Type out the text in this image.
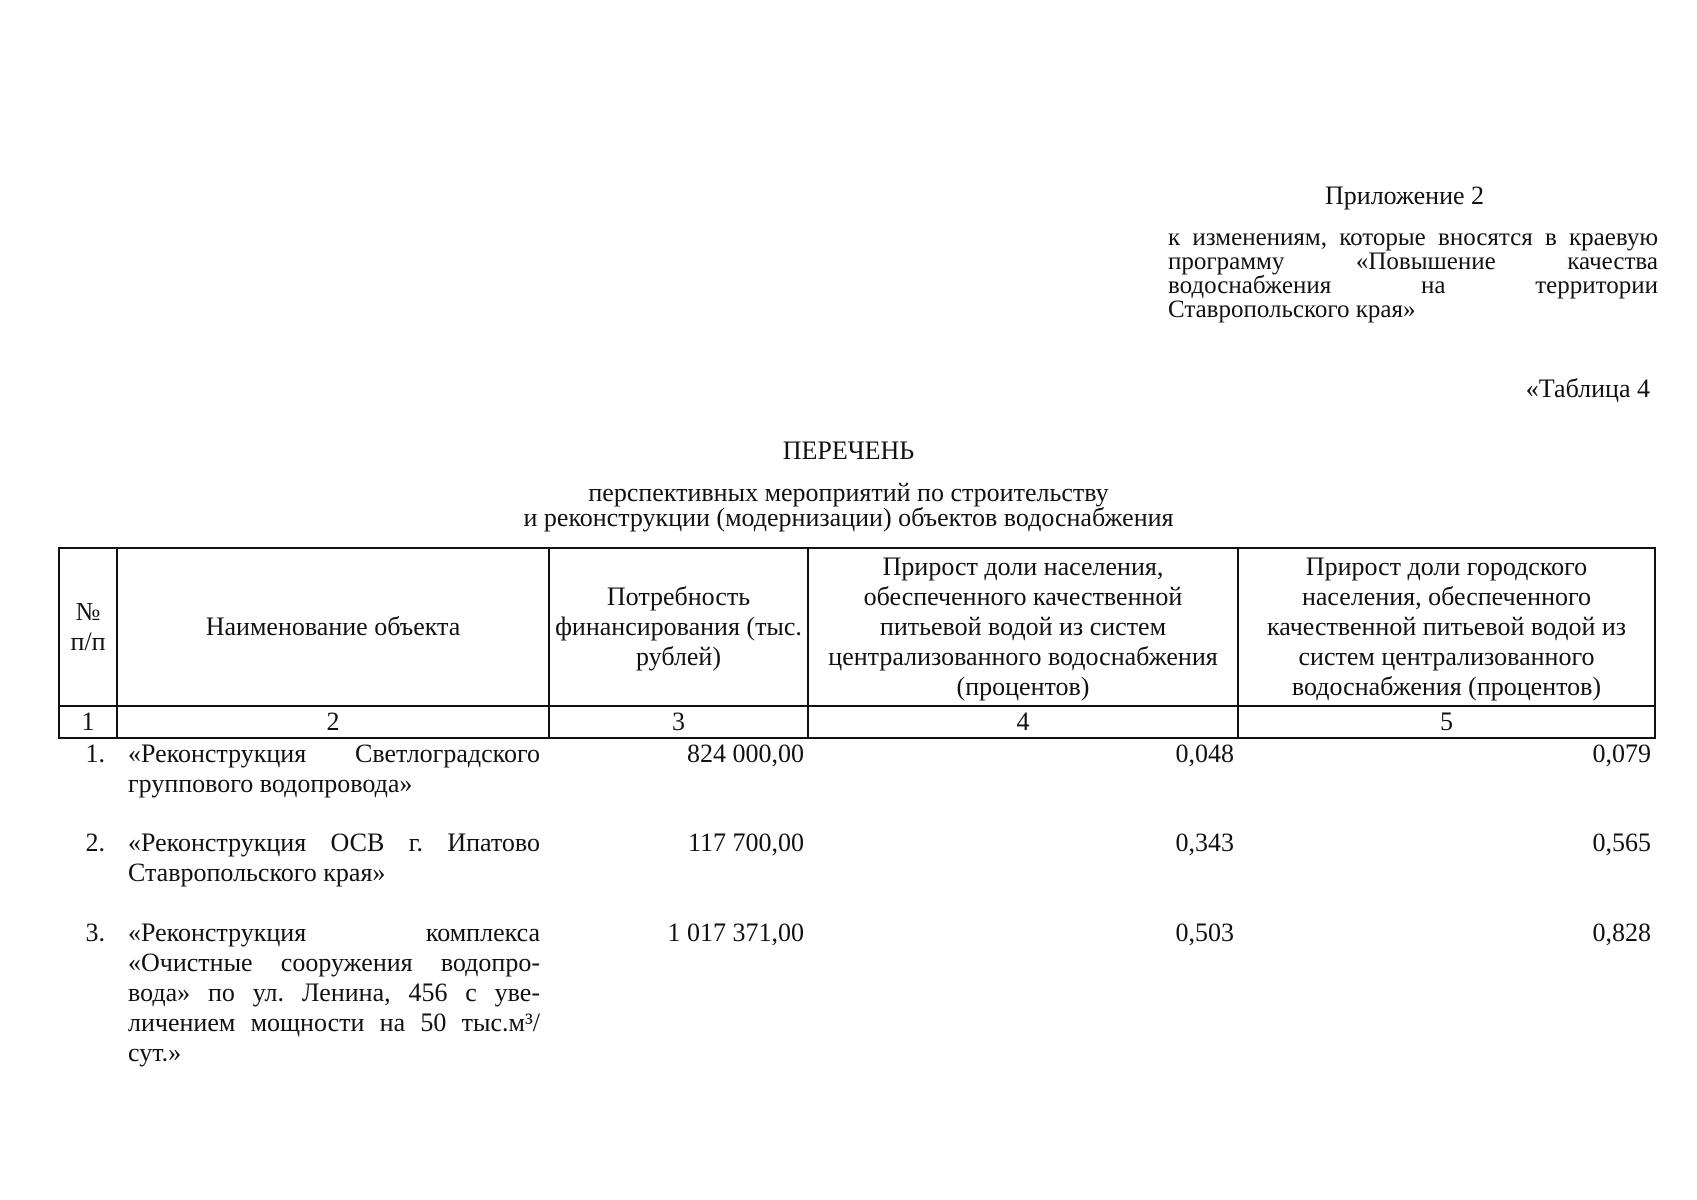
Приложение 2
к изменениям, которые вносятся в краевую программу «Повышение качества водоснабжения на территории Ставропольского края»
«Таблица 4
ПЕРЕЧЕНЬ
перспективных мероприятий по строительству
и реконструкции (модернизации) объектов водоснабжения
№ п/п	Наименование объекта	Потребность финансирования (тыс. рублей)	Прирост доли населения, обеспеченного качественной питьевой водой из систем централизованного водоснабжения (процентов)	Прирост доли городского населения, обеспеченного качественной питьевой водой из систем централизованного водоснабжения (процентов)
1	2	3	4	5
1.	«Реконструкция Светлоградского группового водопровода»	824 000,00	0,048	0,079
2.	«Реконструкция ОСВ г. Ипатово Ставропольского края»	117 700,00	0,343	0,565
3.	«Реконструкция комплекса «Очистные сооружения водопровода» по ул. Ленина, 456 с увеличением мощности на 50 тыс.м³/сут.»	1 017 371,00	0,503	0,828
